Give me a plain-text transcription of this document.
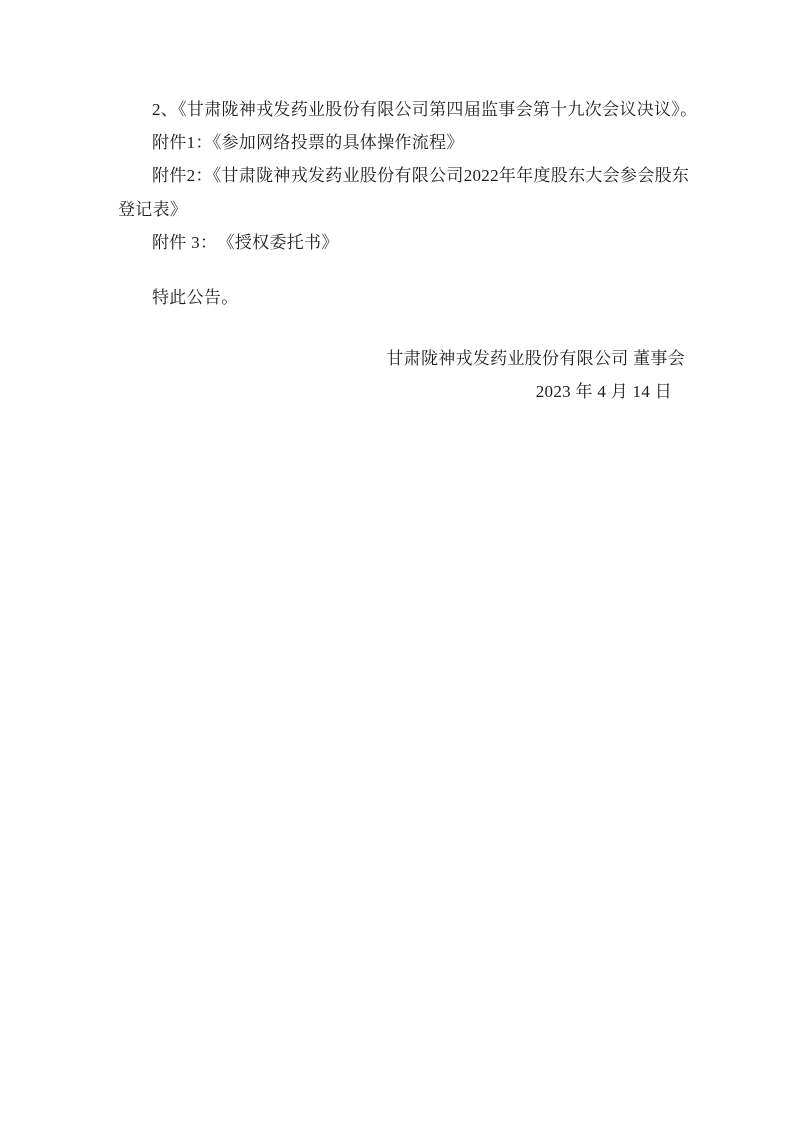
2、《甘肃陇神戎发药业股份有限公司第四届监事会第十九次会议决议》。
附件1：《参加网络投票的具体操作流程》
附件2：《甘肃陇神戎发药业股份有限公司2022年年度股东大会参会股东
登记表》
附件 3：　《授权委托书》
特此公告。
甘肃陇神戎发药业股份有限公司 董事会
2023 年 4 月 14 日
